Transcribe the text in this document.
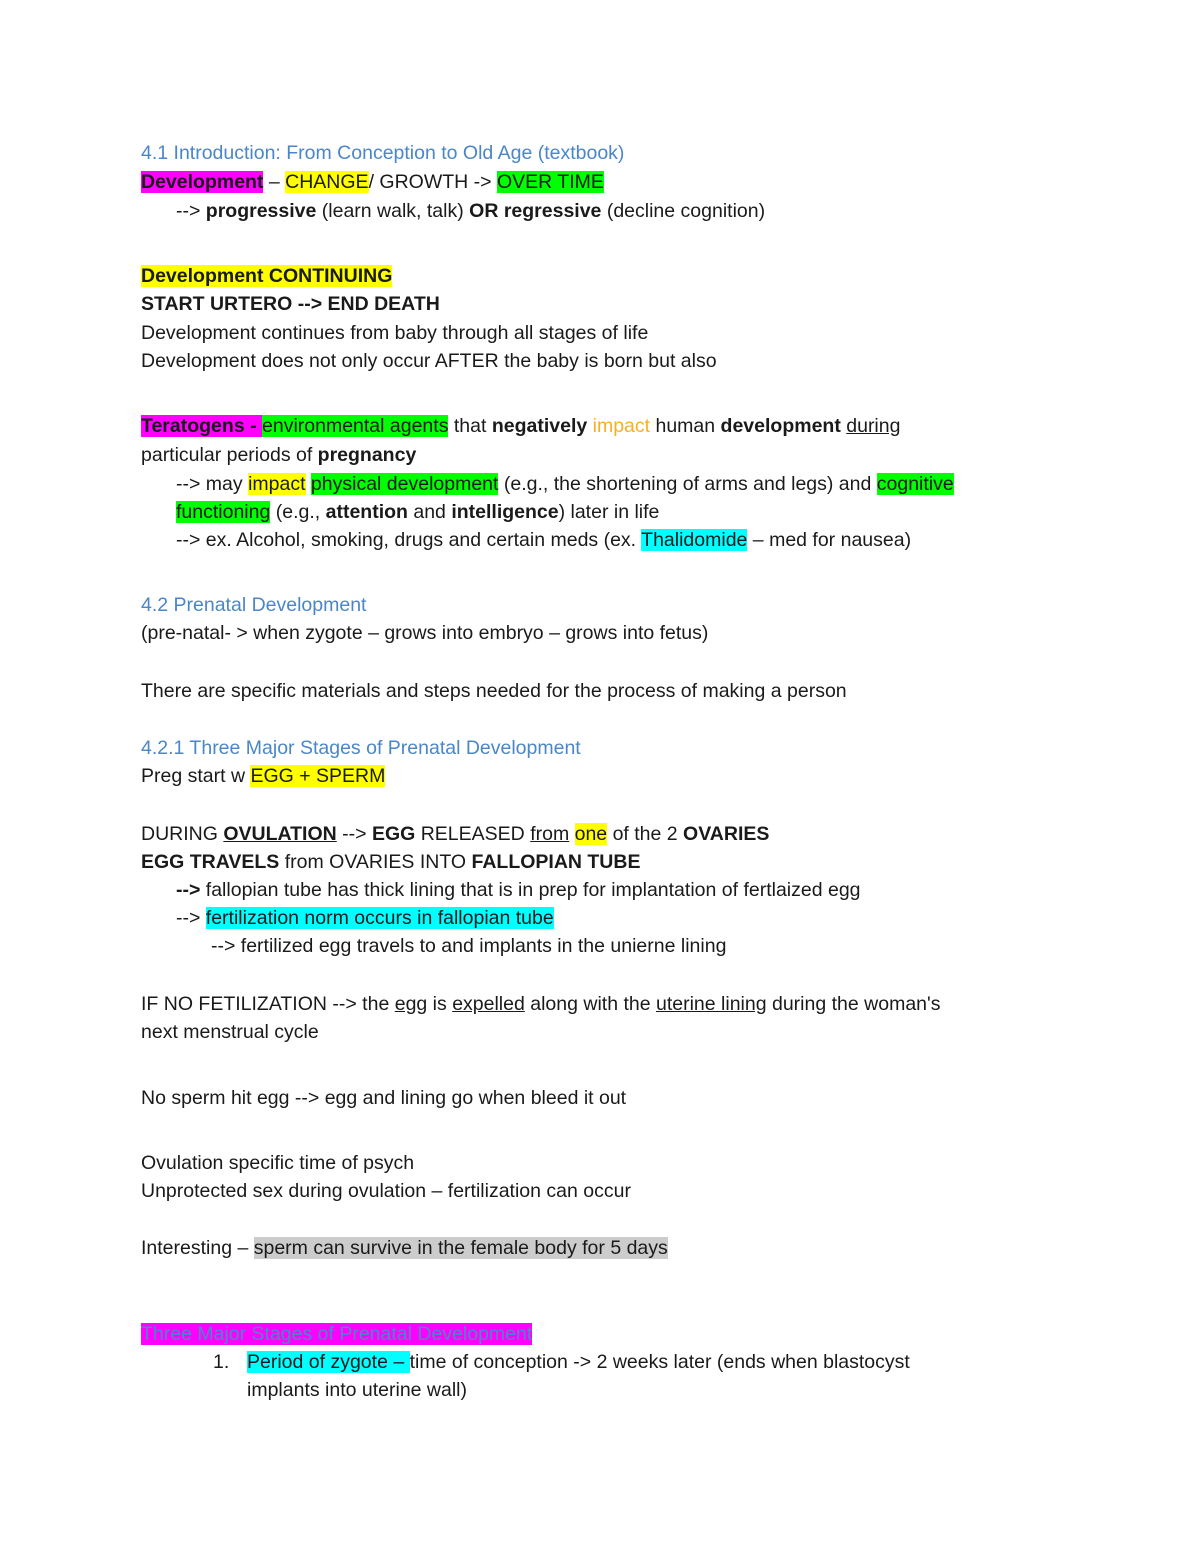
4.1 Introduction: From Conception to Old Age (textbook)
Development – CHANGE/ GROWTH -> OVER TIME
--> progressive (learn walk, talk) OR regressive (decline cognition)
Development CONTINUING
START URTERO --> END DEATH
Development continues from baby through all stages of life
Development does not only occur AFTER the baby is born but also
Teratogens - environmental agents that negatively impact human development during
particular periods of pregnancy
--> may impact physical development (e.g., the shortening of arms and legs) and cognitive
functioning (e.g., attention and intelligence) later in life
--> ex. Alcohol, smoking, drugs and certain meds (ex. Thalidomide – med for nausea)
4.2 Prenatal Development
(pre-natal- > when zygote – grows into embryo – grows into fetus)
There are specific materials and steps needed for the process of making a person
4.2.1 Three Major Stages of Prenatal Development
Preg start w EGG + SPERM
DURING OVULATION --> EGG RELEASED from one of the 2 OVARIES
EGG TRAVELS from OVARIES INTO FALLOPIAN TUBE
--> fallopian tube has thick lining that is in prep for implantation of fertlaized egg
--> fertilization norm occurs in fallopian tube
--> fertilized egg travels to and implants in the unierne lining
IF NO FETILIZATION --> the egg is expelled along with the uterine lining during the woman's
next menstrual cycle
No sperm hit egg --> egg and lining go when bleed it out
Ovulation specific time of psych
Unprotected sex during ovulation – fertilization can occur
Interesting – sperm can survive in the female body for 5 days
Three Major Stages of Prenatal Development
1. Period of zygote – time of conception -> 2 weeks later (ends when blastocyst
implants into uterine wall)
